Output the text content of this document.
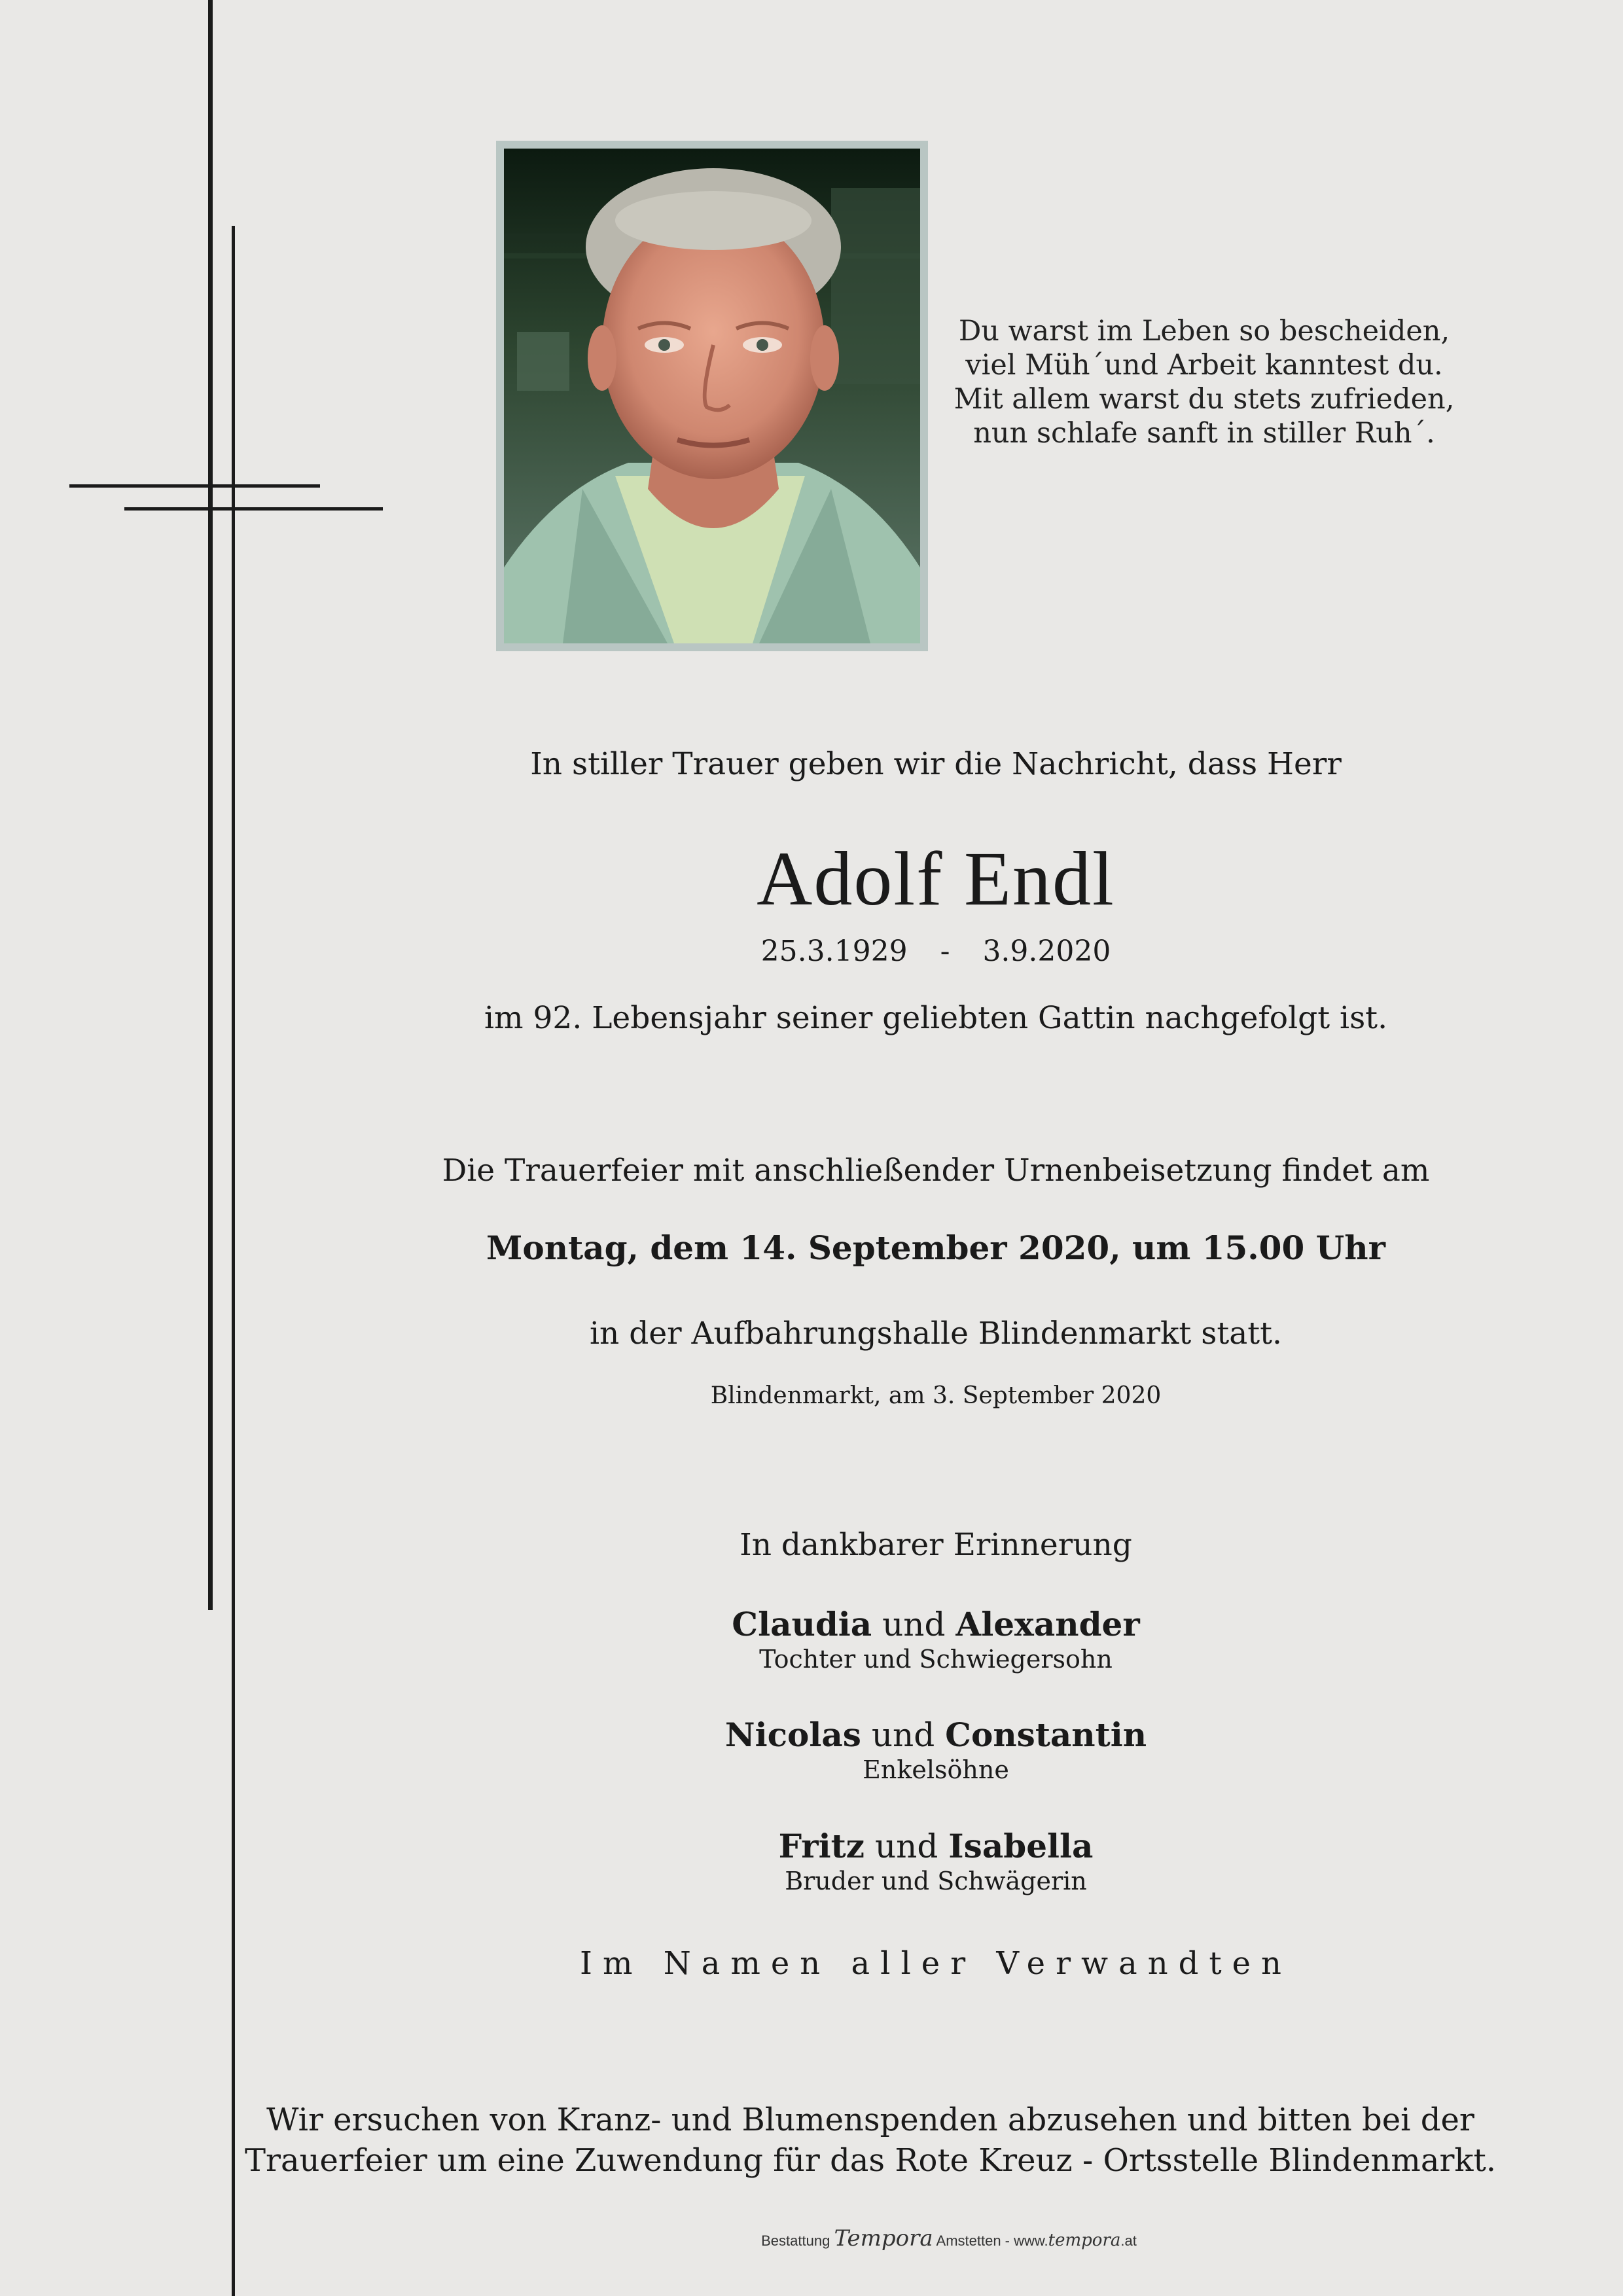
Du warst im Leben so bescheiden,
viel Müh´und Arbeit kanntest du.
Mit allem warst du stets zufrieden,
nun schlafe sanft in stiller Ruh´.
In stiller Trauer geben wir die Nachricht, dass Herr
Adolf Endl
25.3.1929 - 3.9.2020
im 92. Lebensjahr seiner geliebten Gattin nachgefolgt ist.
Die Trauerfeier mit anschließender Urnenbeisetzung findet am
Montag, dem 14. September 2020, um 15.00 Uhr
in der Aufbahrungshalle Blindenmarkt statt.
Blindenmarkt, am 3. September 2020
In dankbarer Erinnerung
Claudia und Alexander
Tochter und Schwiegersohn
Nicolas und Constantin
Enkelsöhne
Fritz und Isabella
Bruder und Schwägerin
Im Namen aller Verwandten
Wir ersuchen von Kranz- und Blumenspenden abzusehen und bitten bei der
Trauerfeier um eine Zuwendung für das Rote Kreuz - Ortsstelle Blindenmarkt.
Bestattung Tempora Amstetten - www.tempora.at
